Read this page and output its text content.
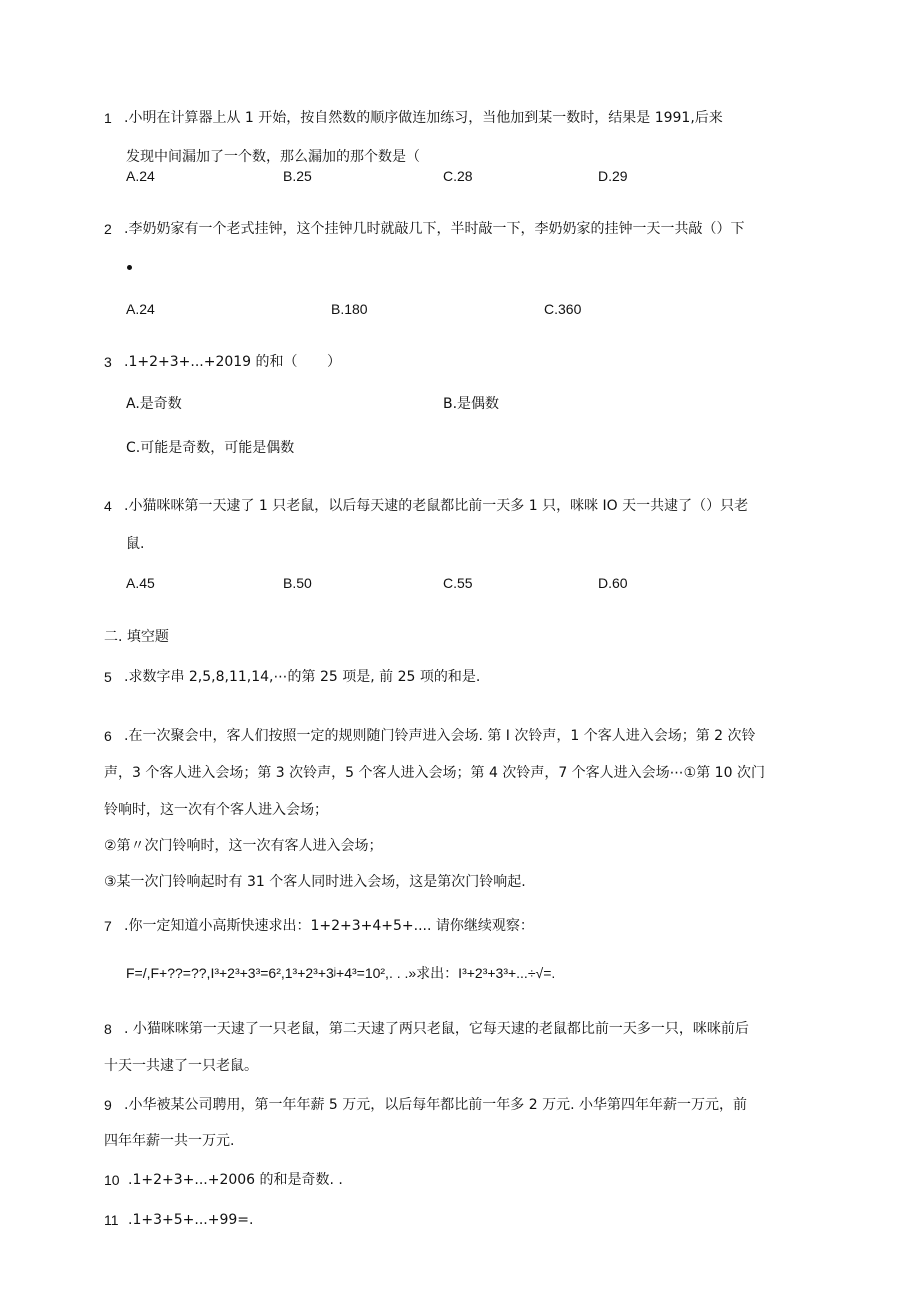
1 .小明在计算器上从 1 开始，按自然数的顺序做连加练习，当他加到某一数时，结果是 1991,后来
发现中间漏加了一个数，那么漏加的那个数是（
A.24	B.25	C.28	D.29
2 .李奶奶家有一个老式挂钟，这个挂钟几时就敲几下，半时敲一下，李奶奶家的挂钟一天一共敲（）下
A.24	B.180	C.360
3 .1+2+3+...+2019 的和（ ）
A.是奇数	B.是偶数
C.可能是奇数，可能是偶数
4 .小猫咪咪第一天逮了 1 只老鼠，以后每天逮的老鼠都比前一天多 1 只，咪咪 IO 天一共逮了（）只老
鼠.
A.45	B.50	C.55	D.60
二. 填空题
5 .求数字串 2,5,8,11,14,⋯的第 25 项是, 前 25 项的和是.
6 .在一次聚会中，客人们按照一定的规则随门铃声进入会场. 第 I 次铃声，1 个客人进入会场；第 2 次铃
声，3 个客人进入会场；第 3 次铃声，5 个客人进入会场；第 4 次铃声，7 个客人进入会场⋯①第 10 次门
铃响时，这一次有个客人进入会场；
②第〃次门铃响时，这一次有客人进入会场；
③某一次门铃响起时有 31 个客人同时进入会场，这是第次门铃响起.
7 .你一定知道小高斯快速求出：1+2+3+4+5+.... 请你继续观察：
F=/,F+??=??,I³+2³+3³=6²,1³+2³+3ʲ+4³=10²,. . .»求出：I³+2³+3³+...÷√=.
8 . 小猫咪咪第一天逮了一只老鼠，第二天逮了两只老鼠，它每天逮的老鼠都比前一天多一只，咪咪前后
十天一共逮了一只老鼠。
9 .小华被某公司聘用，第一年年薪 5 万元，以后每年都比前一年多 2 万元. 小华第四年年薪一万元，前
四年年薪一共一万元.
10 .1+2+3+...+2006 的和是奇数. .
11 .1+3+5+...+99=.
